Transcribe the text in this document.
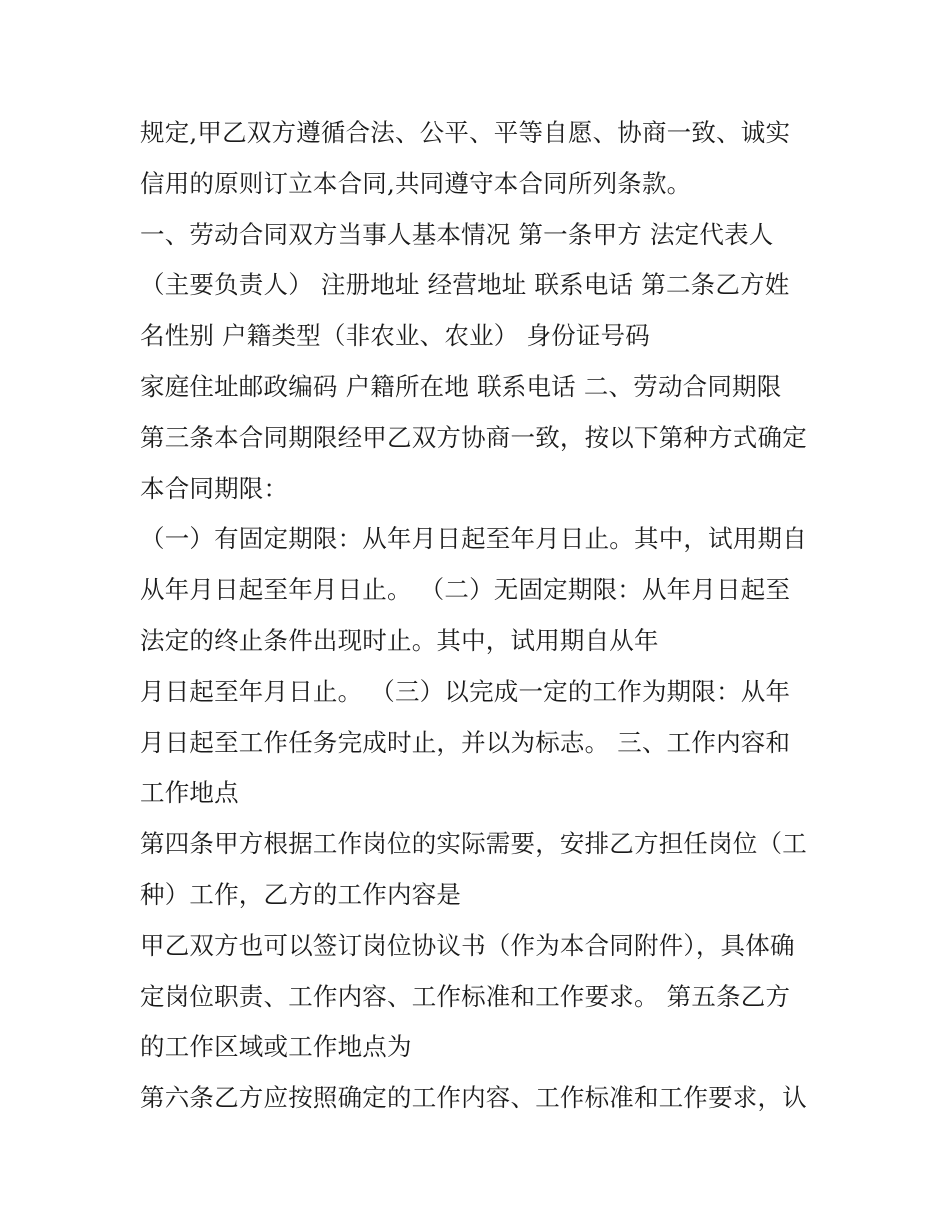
规定,甲乙双方遵循合法、公平、平等自愿、协商一致、诚实
信用的原则订立本合同,共同遵守本合同所列条款。
一、劳动合同双方当事人基本情况 第一条甲方 法定代表人
（主要负责人） 注册地址 经营地址 联系电话 第二条乙方姓
名性别 户籍类型（非农业、农业） 身份证号码
家庭住址邮政编码 户籍所在地 联系电话 二、劳动合同期限
第三条本合同期限经甲乙双方协商一致，按以下第种方式确定
本合同期限：
（一）有固定期限：从年月日起至年月日止。其中，试用期自
从年月日起至年月日止。 （二）无固定期限：从年月日起至
法定的终止条件出现时止。其中，试用期自从年
月日起至年月日止。 （三）以完成一定的工作为期限：从年
月日起至工作任务完成时止，并以为标志。 三、工作内容和
工作地点
第四条甲方根据工作岗位的实际需要，安排乙方担任岗位（工
种）工作，乙方的工作内容是
甲乙双方也可以签订岗位协议书（作为本合同附件），具体确
定岗位职责、工作内容、工作标准和工作要求。 第五条乙方
的工作区域或工作地点为
第六条乙方应按照确定的工作内容、工作标准和工作要求，认
